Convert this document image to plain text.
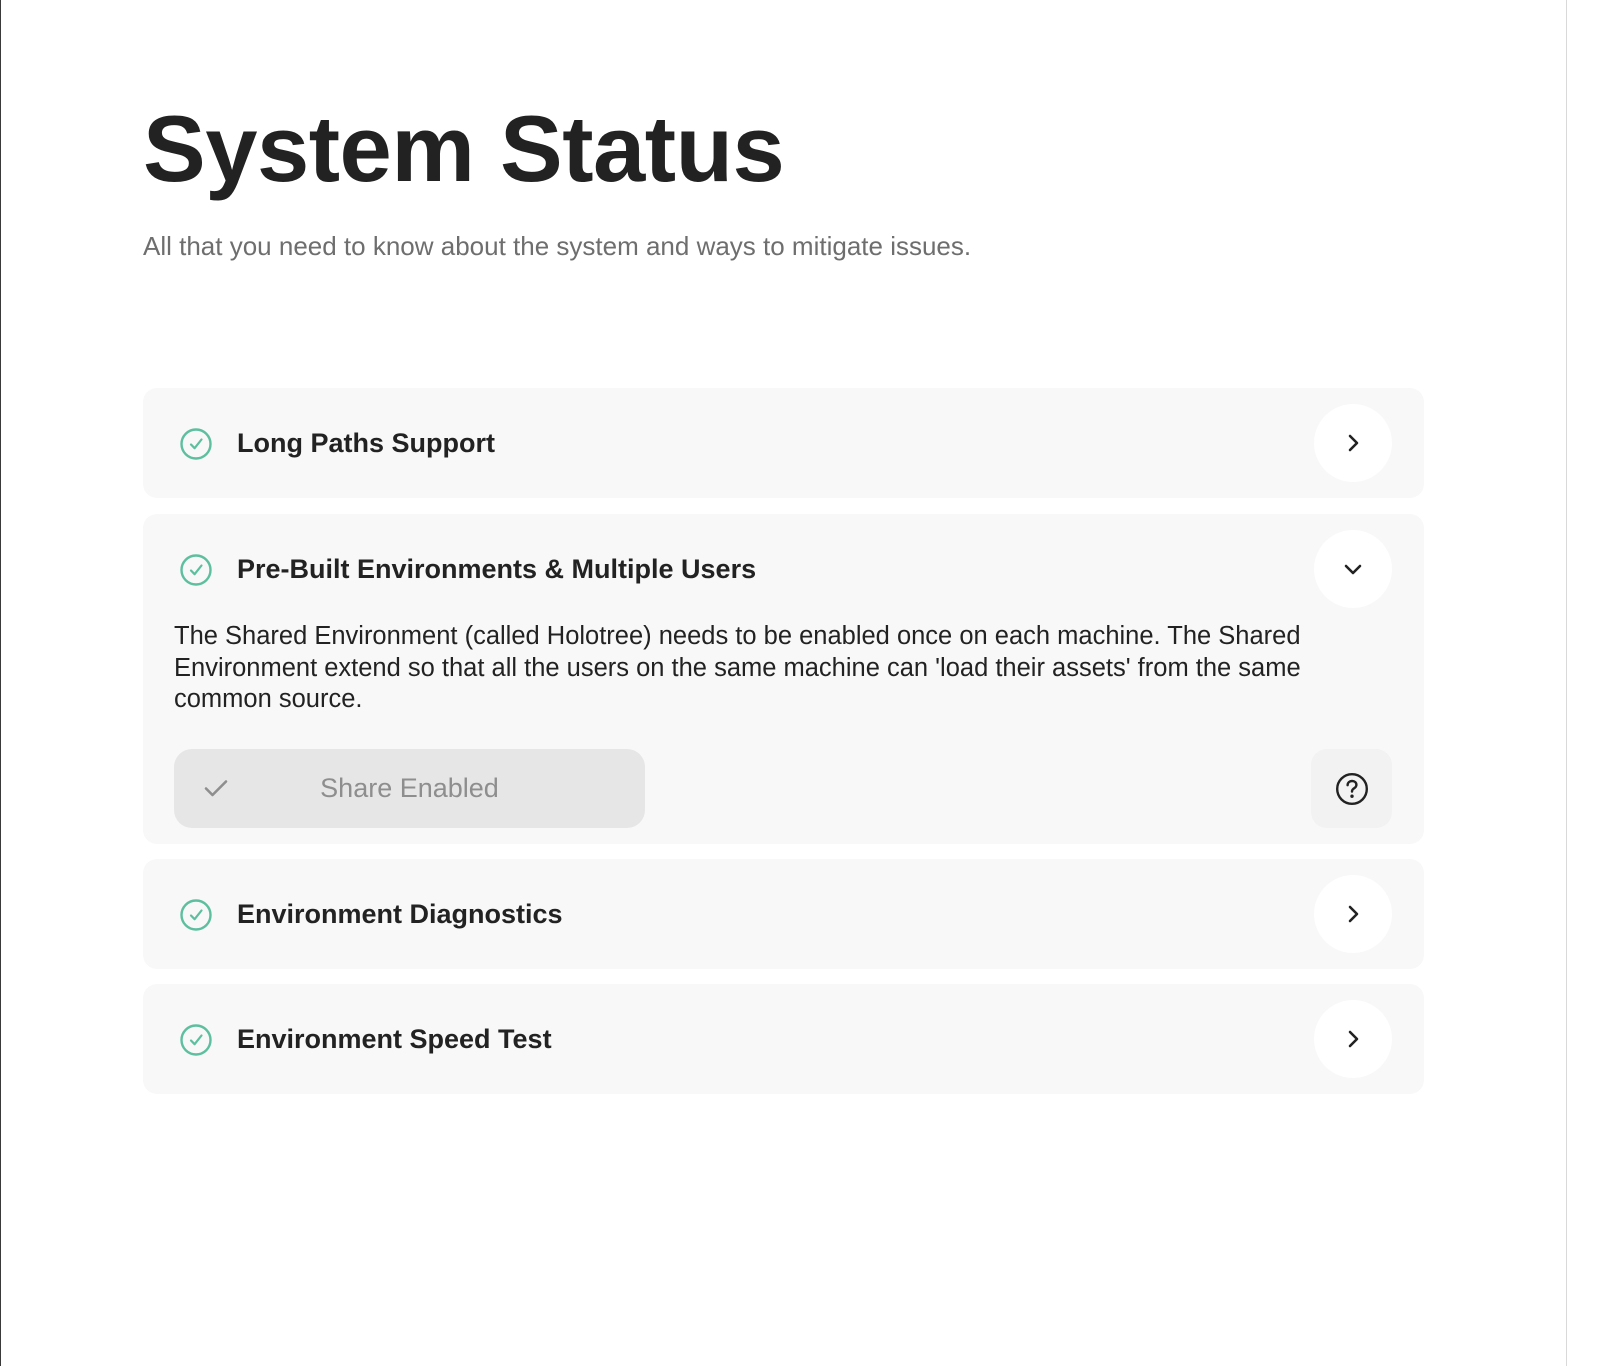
System Status
All that you need to know about the system and ways to mitigate issues.
Long Paths Support
Pre-Built Environments & Multiple Users

The Shared Environment (called Holotree) needs to be enabled once on each machine. The Shared Environment extend so that all the users on the same machine can 'load their assets' from the same common source.

Share Enabled
Environment Diagnostics
Environment Speed Test
